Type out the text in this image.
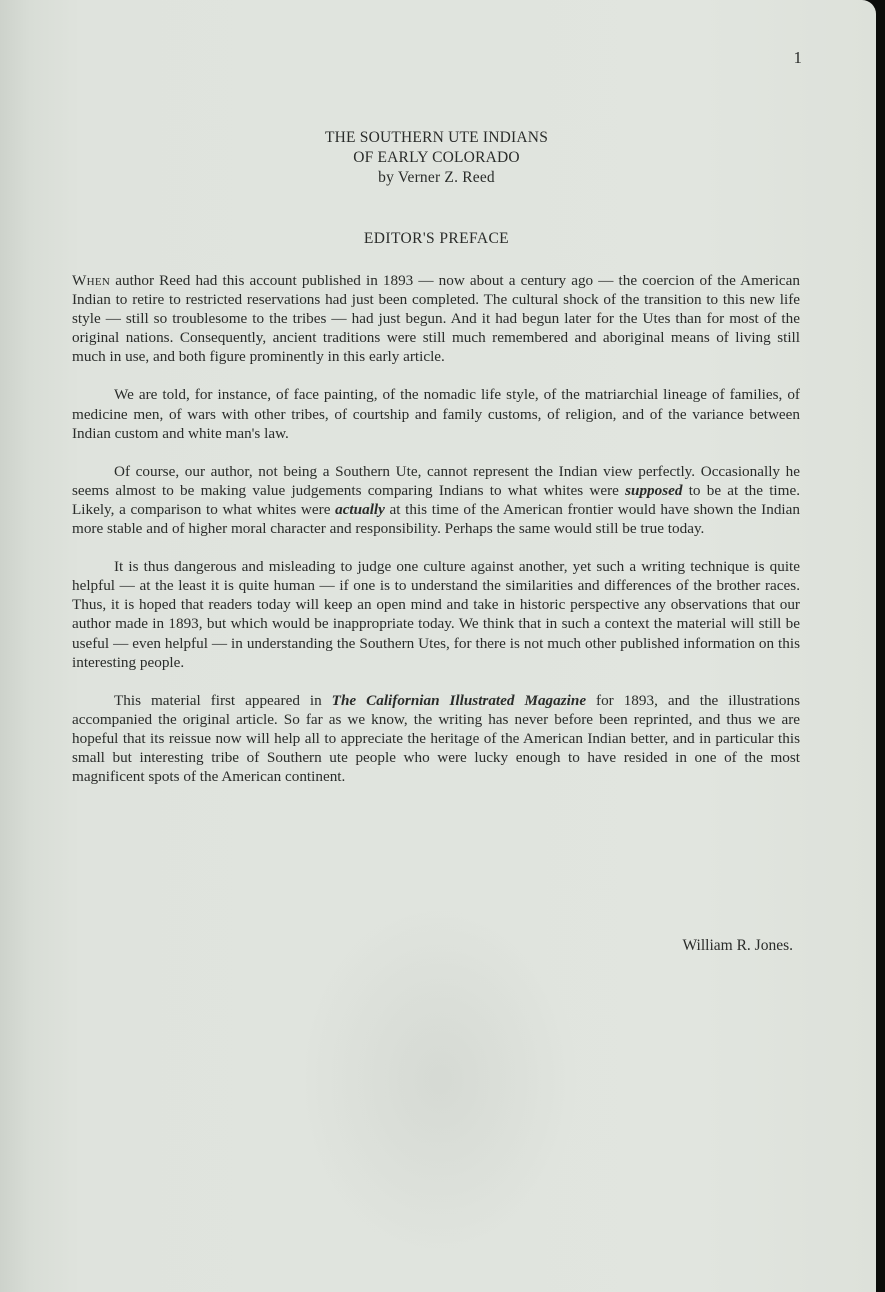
1
THE SOUTHERN UTE INDIANS
OF EARLY COLORADO
by Verner Z. Reed
EDITOR'S PREFACE

When author Reed had this account published in 1893 — now about a century ago — the coercion of the American Indian to retire to restricted reservations had just been completed. The cultural shock of the transition to this new life style — still so troublesome to the tribes — had just begun. And it had begun later for the Utes than for most of the original nations. Consequently, ancient traditions were still much remembered and aboriginal means of living still much in use, and both figure prominently in this early article.

We are told, for instance, of face painting, of the nomadic life style, of the matriarchial lineage of families, of medicine men, of wars with other tribes, of courtship and family customs, of religion, and of the variance between Indian custom and white man's law.

Of course, our author, not being a Southern Ute, cannot represent the Indian view perfectly. Occasionally he seems almost to be making value judgements comparing Indians to what whites were supposed to be at the time. Likely, a comparison to what whites were actually at this time of the American frontier would have shown the Indian more stable and of higher moral character and responsibility. Perhaps the same would still be true today.

It is thus dangerous and misleading to judge one culture against another, yet such a writing technique is quite helpful — at the least it is quite human — if one is to understand the similarities and differences of the brother races. Thus, it is hoped that readers today will keep an open mind and take in historic perspective any observations that our author made in 1893, but which would be inappropriate today. We think that in such a context the material will still be useful — even helpful — in understanding the Southern Utes, for there is not much other published information on this interesting people.

This material first appeared in The Californian Illustrated Magazine for 1893, and the illustrations accompanied the original article. So far as we know, the writing has never before been reprinted, and thus we are hopeful that its reissue now will help all to appreciate the heritage of the American Indian better, and in particular this small but interesting tribe of Southern ute people who were lucky enough to have resided in one of the most magnificent spots of the American continent.

William R. Jones.
